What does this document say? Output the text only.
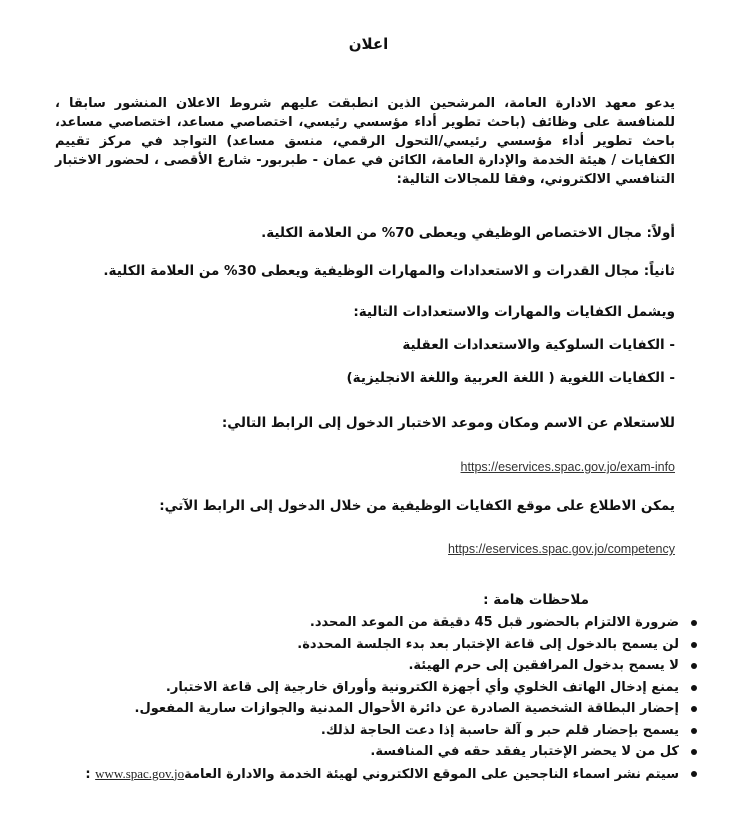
اعلان
يدعو معهد الادارة العامة، المرشحين الذين انطبقت عليهم شروط الاعلان المنشور سابقا ، للمنافسة على وظائف (باحث تطوير أداء مؤسسي رئيسي، اختصاصي مساعد، اختصاصي مساعد، باحث تطوير أداء مؤسسي رئيسي/التحول الرقمي، منسق مساعد) التواجد في مركز تقييم الكفايات / هيئة الخدمة والإدارة العامة، الكائن في عمان - طبربور- شارع الأقصى ، لحضور الاختبار التنافسي الالكتروني، وفقا للمجالات التالية:
أولاً: مجال الاختصاص الوظيفي ويعطى 70% من العلامة الكلية.
ثانياً: مجال القدرات و الاستعدادات والمهارات الوظيفية ويعطى 30% من العلامة الكلية.
ويشمل الكفايات والمهارات والاستعدادات التالية:
- الكفايات السلوكية والاستعدادات العقلية
- الكفايات اللغوية ( اللغة العربية واللغة الانجليزية)
للاستعلام عن الاسم ومكان وموعد الاختبار الدخول إلى الرابط التالي:
https://eservices.spac.gov.jo/exam-info
يمكن الاطلاع على موقع الكفايات الوظيفية من خلال الدخول إلى الرابط الآتي:
https://eservices.spac.gov.jo/competency
ملاحظات هامة :
ضرورة الالتزام بالحضور قبل 45 دقيقة من الموعد المحدد.
لن يسمح بالدخول إلى قاعة الإختبار بعد بدء الجلسة المحددة.
لا يسمح بدخول المرافقين إلى حرم الهيئة.
يمنع إدخال الهاتف الخلوي وأي أجهزة الكترونية وأوراق خارجية إلى قاعة الاختبار.
إحضار البطاقة الشخصية الصادرة عن دائرة الأحوال المدنية والجوازات سارية المفعول.
يسمح بإحضار قلم حبر و آلة حاسبة إذا دعت الحاجة لذلك.
كل من لا يحضر الإختبار يفقد حقه في المنافسة.
سيتم نشر اسماء الناجحين على الموقع الالكتروني لهيئة الخدمة والادارة العامةwww.spac.gov.jo :
